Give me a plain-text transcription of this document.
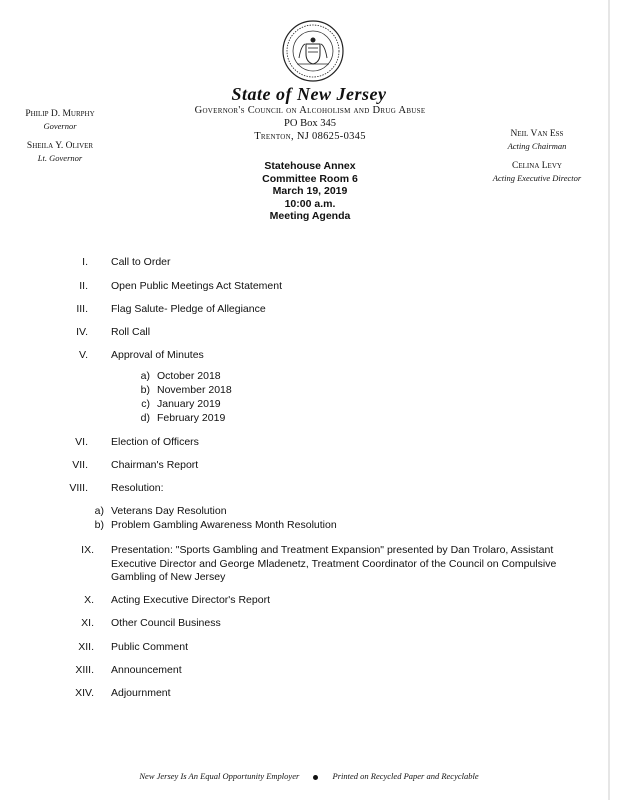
State of New Jersey
Governor's Council on Alcoholism and Drug Abuse
PO Box 345
Trenton, NJ 08625-0345
Philip D. Murphy
Governor
Sheila Y. Oliver
Lt. Governor
Neil Van Ess
Acting Chairman
Celina Levy
Acting Executive Director
Statehouse Annex
Committee Room 6
March 19, 2019
10:00 a.m.
Meeting Agenda
I. Call to Order
II. Open Public Meetings Act Statement
III. Flag Salute- Pledge of Allegiance
IV. Roll Call
V. Approval of Minutes
a) October 2018
b) November 2018
c) January 2019
d) February 2019
VI. Election of Officers
VII. Chairman's Report
VIII. Resolution:
a) Veterans Day Resolution
b) Problem Gambling Awareness Month Resolution
IX. Presentation: "Sports Gambling and Treatment Expansion" presented by Dan Trolaro, Assistant Executive Director and George Mladenetz, Treatment Coordinator of the Council on Compulsive Gambling of New Jersey
X. Acting Executive Director's Report
XI. Other Council Business
XII. Public Comment
XIII. Announcement
XIV. Adjournment
New Jersey Is An Equal Opportunity Employer	Printed on Recycled Paper and Recyclable
